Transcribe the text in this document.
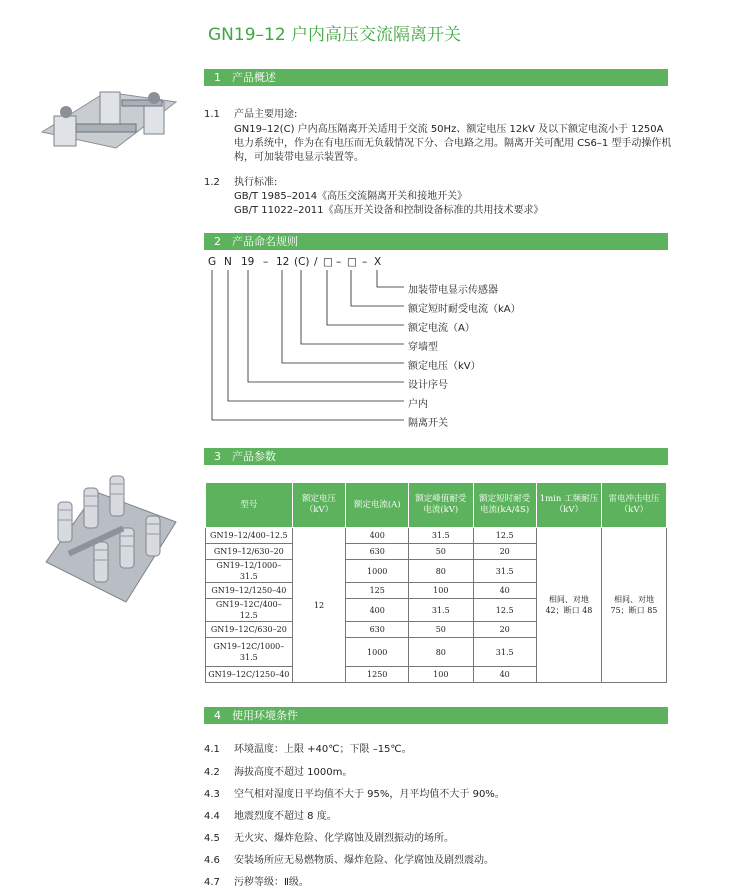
GN19–12 户内高压交流隔离开关
1 产品概述
1.1 产品主要用途:
GN19–12(C) 户内高压隔离开关适用于交流 50Hz、额定电压 12kV 及以下额定电流小于 1250A 电力系统中，作为在有电压而无负载情况下分、合电路之用。隔离开关可配用 CS6–1 型手动操作机构，可加装带电显示装置等。
1.2 执行标准:
GB/T 1985–2014《高压交流隔离开关和接地开关》
GB/T 11022–2011《高压开关设备和控制设备标准的共用技术要求》
2 产品命名规则
G N 19 – 12 (C) / □ – □ – X
加装带电显示传感器
额定短时耐受电流（kA）
额定电流（A）
穿墙型
额定电压（kV）
设计序号
户内
隔离开关
3 产品参数
型号	额定电压（kV）	额定电流(A)	额定峰值耐受电流(kV)	额定短时耐受电流(kA/4S)	1min 工频耐压（kV）	雷电冲击电压（kV）
GN19–12/400–12.5	12	400	31.5	12.5	相间、对地 42；断口 48	相间、对地 75；断口 85
GN19–12/630–20		630	50	20		
GN19–12/1000–31.5		1000	80	31.5		
GN19–12/1250–40		125	100	40		
GN19–12C/400–12.5		400	31.5	12.5		
GN19–12C/630–20		630	50	20		
GN19–12C/1000–31.5		1000	80	31.5		
GN19–12C/1250–40		1250	100	40		
4 使用环境条件
4.1 环境温度：上限 +40℃；下限 –15℃。
4.2 海拔高度不超过 1000m。
4.3 空气相对湿度日平均值不大于 95%，月平均值不大于 90%。
4.4 地震烈度不超过 8 度。
4.5 无火灾、爆炸危险、化学腐蚀及剧烈振动的场所。
4.6 安装场所应无易燃物质、爆炸危险、化学腐蚀及剧烈震动。
4.7 污秽等级：Ⅱ级。
